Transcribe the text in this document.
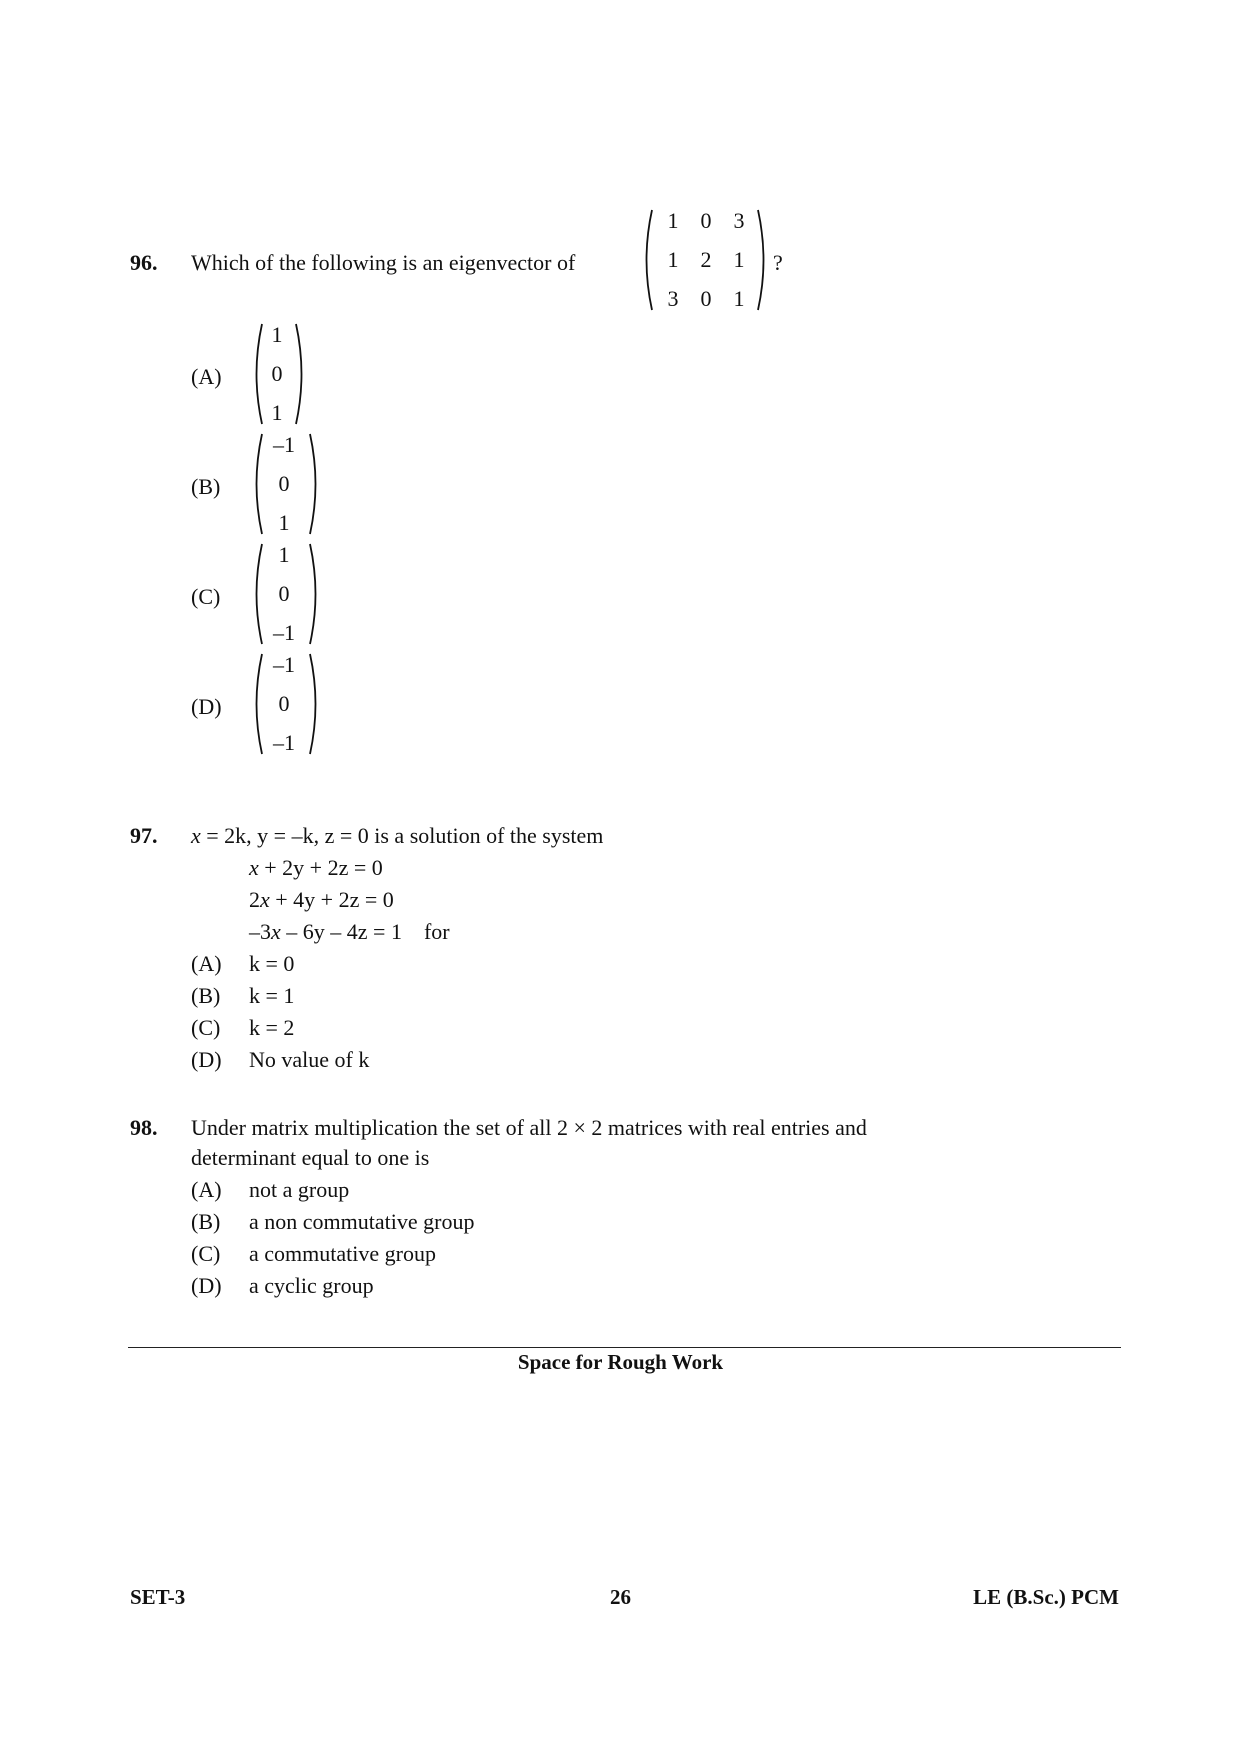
96. Which of the following is an eigenvector of
1	0	3
1	2	1
3	0	1
?
(A)
1
0
1
(B)
–1
0
1
(C)
1
0
–1
(D)
–1
0
–1
97. x = 2k, y = –k, z = 0 is a solution of the system
x + 2y + 2z = 0
2x + 4y + 2z = 0
–3x – 6y – 4z = 1 for
(A) k = 0
(B) k = 1
(C) k = 2
(D) No value of k
98. Under matrix multiplication the set of all 2 × 2 matrices with real entries and
determinant equal to one is
(A) not a group
(B) a non commutative group
(C) a commutative group
(D) a cyclic group
Space for Rough Work
SET-3	26	LE (B.Sc.) PCM
